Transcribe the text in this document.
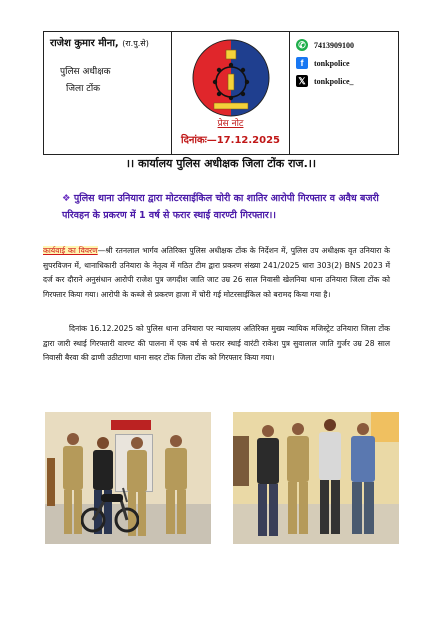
राजेश कुमार मीना, (रा.पु.से)
पुलिस अधीक्षक
जिला टोंक
प्रेस नोट
दिनांकः—17.12.2025
✆ 7413909100
f	tonkpolice
𝕏 tonkpolice_
।। कार्यालय पुलिस अधीक्षक जिला टोंक राज.।।
❖ पुलिस थाना उनियारा द्वारा मोटरसाईकिल चोरी का शातिर आरोपी गिरफ्तार व अवैध बजरी परिवहन के प्रकरण में 1 वर्ष से फरार स्थाई वारण्टी गिरफ्तार।।
कार्यवाई का विवरण—श्री रतनलाल भार्गव अतिरिक्त पुलिस अधीक्षक टोंक के निर्देशन में, पुलिस उप अधीक्षक वृत उनियारा के सुपरविजन में, थानाधिकारी उनियारा के नेतृत्व में गठित टीम द्वारा प्रकरण संख्या 241/2025 धारा 303(2) BNS 2023 में दर्ज कर दौराने अनुसंधान आरोपी राजेश पुत्र जगदीश जाति जाट उम्र 26 साल निवासी खेलनिया थाना उनियारा जिला टोंक को गिरफ्तार किया गया। आरोपी के कब्जे से प्रकरण हाजा में चोरी गई मोटरसाईकिल को बरामद किया गया है।
दिनांक 16.12.2025 को पुलिस थाना उनियारा पर न्यायालय अतिरिक्त मुख्य न्यायिक मजिस्ट्रेट उनियारा जिला टोंक द्वारा जारी स्थाई गिरफ्तारी वारण्ट की पालना में एक वर्ष से फरार स्थाई वारंटी राकेश पुत्र सुवालाल जाति गुर्जर उम्र 28 साल निवासी बैरवा की ढाणी उठीटाणा थाना सदर टोंक जिला टोंक को गिरफ्तार किया गया।
